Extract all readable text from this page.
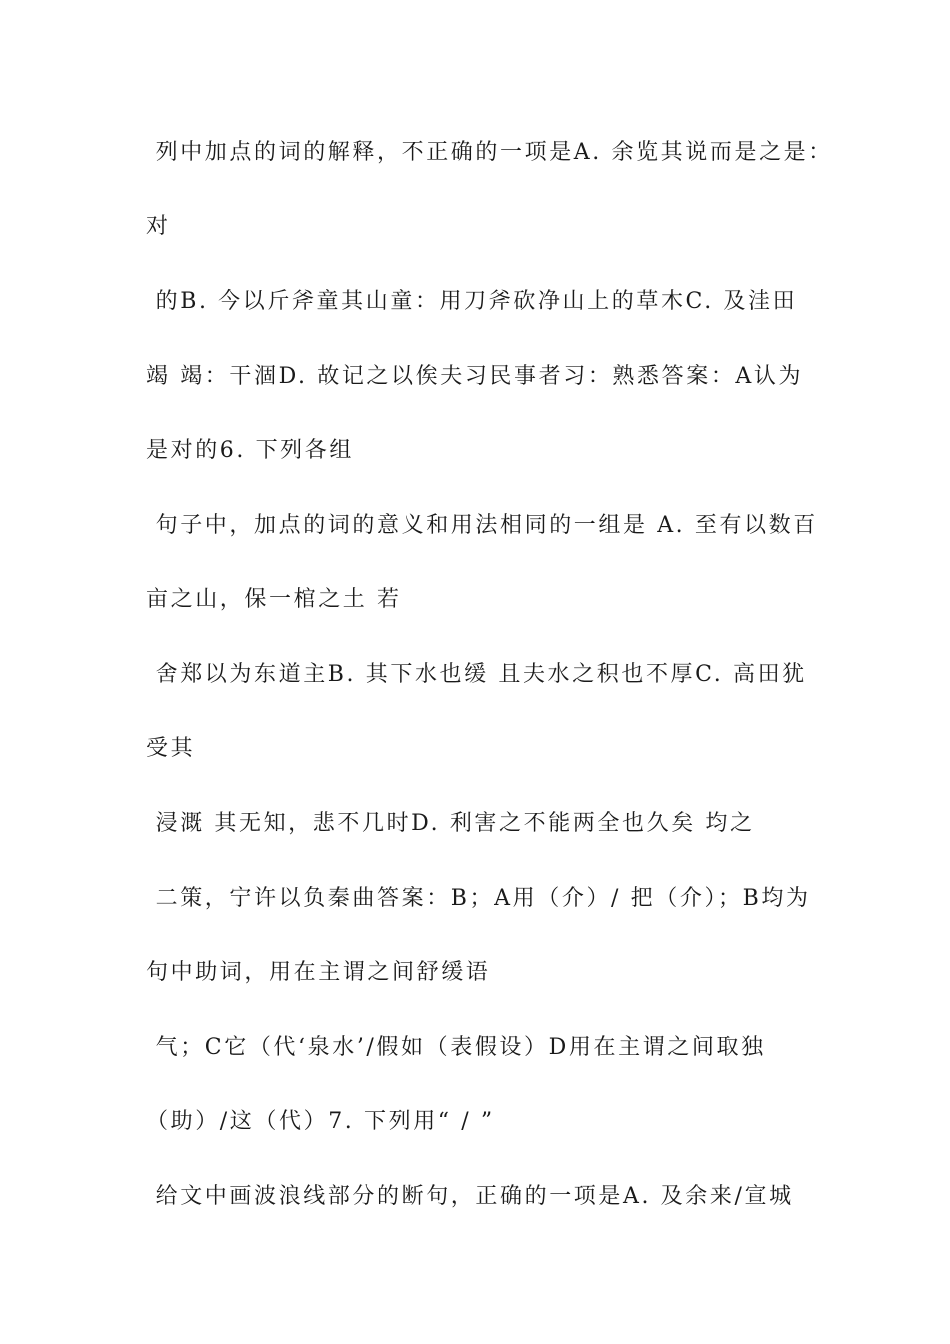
列中加点的词的解释，不正确的一项是A. 余览其说而是之是：
对
的B. 今以斤斧童其山童：用刀斧砍净山上的草木C. 及洼田
竭 竭：干涸D. 故记之以俟夫习民事者习：熟悉答案：A认为
是对的6. 下列各组
句子中，加点的词的意义和用法相同的一组是 A. 至有以数百
亩之山，保一棺之土 若
舍郑以为东道主B. 其下水也缓 且夫水之积也不厚C. 高田犹
受其
浸溉 其无知，悲不几时D. 利害之不能两全也久矣 均之
二策，宁许以负秦曲答案：B；A用（介）/ 把（介）；B均为
句中助词，用在主谓之间舒缓语
气；C它（代‘泉水’/假如（表假设）D用在主谓之间取独
（助）/这（代）7. 下列用“ / ”
给文中画波浪线部分的断句，正确的一项是A. 及余来/宣城
